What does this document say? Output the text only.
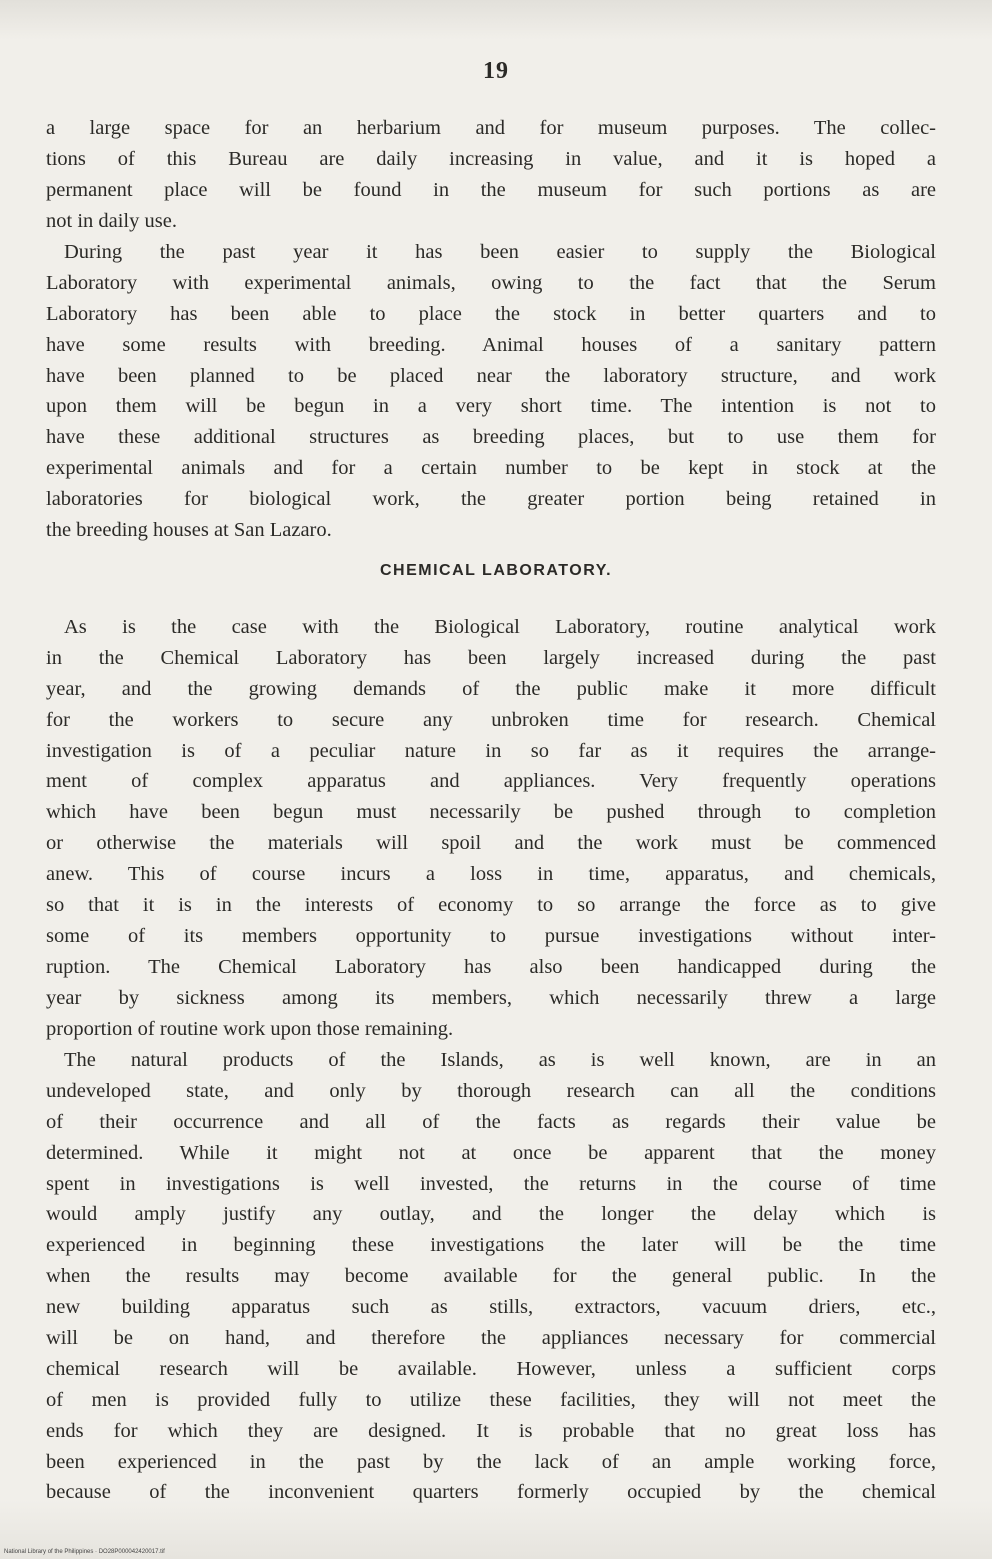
19
a large space for an herbarium and for museum purposes. The collec-
tions of this Bureau are daily increasing in value, and it is hoped a
permanent place will be found in the museum for such portions as are
not in daily use.
During the past year it has been easier to supply the Biological
Laboratory with experimental animals, owing to the fact that the Serum
Laboratory has been able to place the stock in better quarters and to
have some results with breeding. Animal houses of a sanitary pattern
have been planned to be placed near the laboratory structure, and work
upon them will be begun in a very short time. The intention is not to
have these additional structures as breeding places, but to use them for
experimental animals and for a certain number to be kept in stock at the
laboratories for biological work, the greater portion being retained in
the breeding houses at San Lazaro.
CHEMICAL LABORATORY.
As is the case with the Biological Laboratory, routine analytical work
in the Chemical Laboratory has been largely increased during the past
year, and the growing demands of the public make it more difficult
for the workers to secure any unbroken time for research. Chemical
investigation is of a peculiar nature in so far as it requires the arrange-
ment of complex apparatus and appliances. Very frequently operations
which have been begun must necessarily be pushed through to completion
or otherwise the materials will spoil and the work must be commenced
anew. This of course incurs a loss in time, apparatus, and chemicals,
so that it is in the interests of economy to so arrange the force as to give
some of its members opportunity to pursue investigations without inter-
ruption. The Chemical Laboratory has also been handicapped during the
year by sickness among its members, which necessarily threw a large
proportion of routine work upon those remaining.
The natural products of the Islands, as is well known, are in an
undeveloped state, and only by thorough research can all the conditions
of their occurrence and all of the facts as regards their value be
determined. While it might not at once be apparent that the money
spent in investigations is well invested, the returns in the course of time
would amply justify any outlay, and the longer the delay which is
experienced in beginning these investigations the later will be the time
when the results may become available for the general public. In the
new building apparatus such as stills, extractors, vacuum driers, etc.,
will be on hand, and therefore the appliances necessary for commercial
chemical research will be available. However, unless a sufficient corps
of men is provided fully to utilize these facilities, they will not meet the
ends for which they are designed. It is probable that no great loss has
been experienced in the past by the lack of an ample working force,
because of the inconvenient quarters formerly occupied by the chemical
National Library of the Philippines · DO28P000042420017.tif
